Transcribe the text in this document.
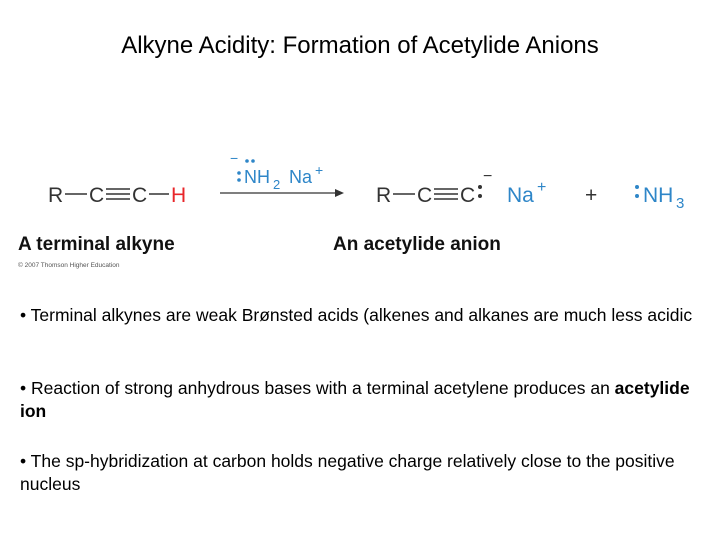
Alkyne Acidity: Formation of Acetylide Anions
R C C H
−
NH 2 Na +
R C C
−
Na + + NH 3
A terminal alkyne	An acetylide anion
© 2007 Thomson Higher Education
• Terminal alkynes are weak Brønsted acids (alkenes and alkanes are much less acidic
• Reaction of strong anhydrous bases with a terminal acetylene produces an acetylide ion
• The sp-hybridization at carbon holds negative charge relatively close to the positive nucleus
